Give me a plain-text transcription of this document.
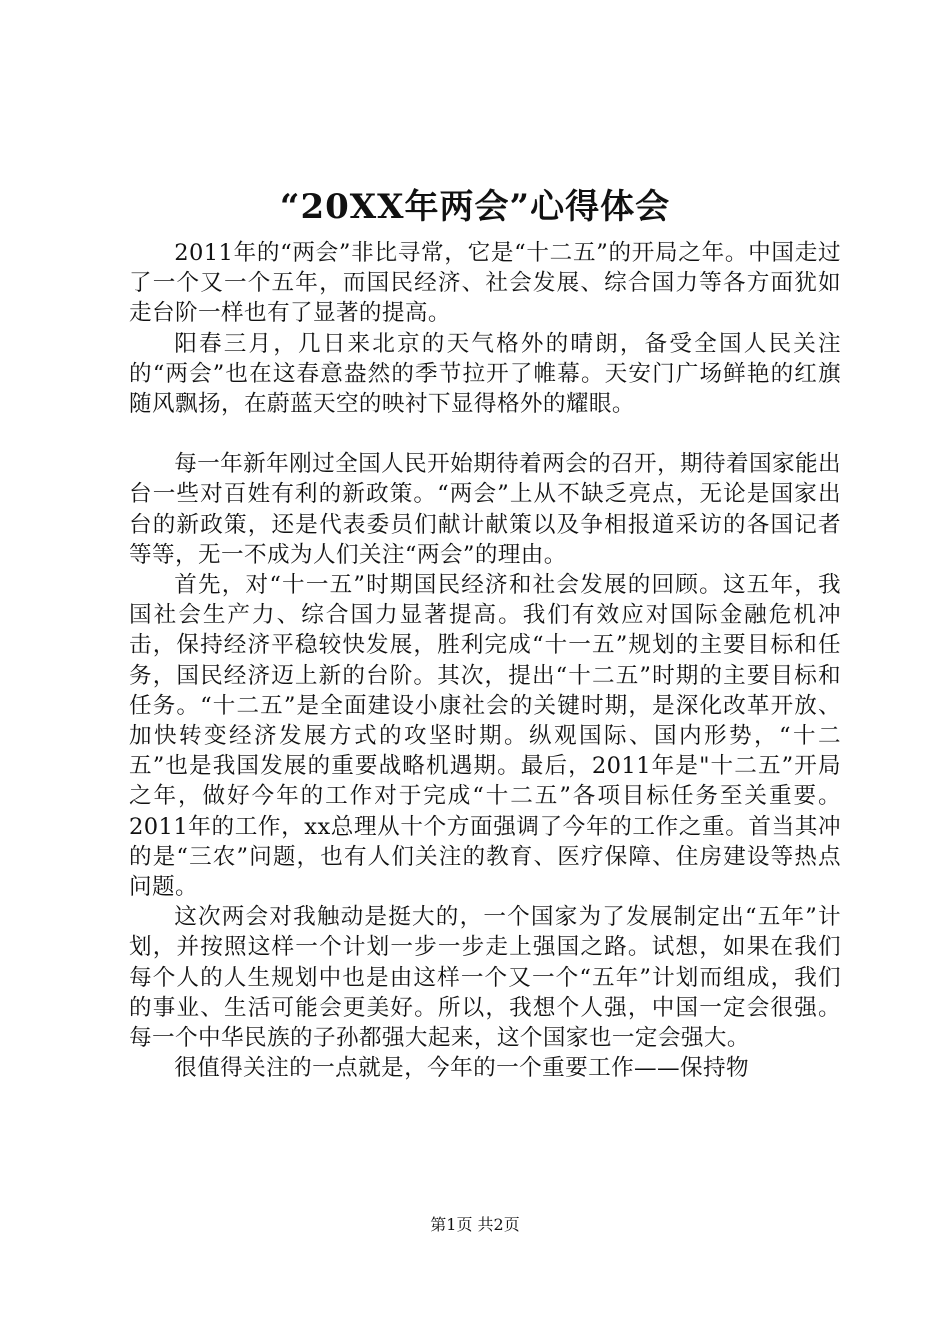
“20XX年两会”心得体会

2011年的“两会”非比寻常，它是“十二五”的开局之年。中国走过了一个又一个五年，而国民经济、社会发展、综合国力等各方面犹如走台阶一样也有了显著的提高。

阳春三月，几日来北京的天气格外的晴朗，备受全国人民关注的“两会”也在这春意盎然的季节拉开了帷幕。天安门广场鲜艳的红旗随风飘扬，在蔚蓝天空的映衬下显得格外的耀眼。

每一年新年刚过全国人民开始期待着两会的召开，期待着国家能出台一些对百姓有利的新政策。“两会”上从不缺乏亮点，无论是国家出台的新政策，还是代表委员们献计献策以及争相报道采访的各国记者等等，无一不成为人们关注“两会”的理由。

首先，对“十一五”时期国民经济和社会发展的回顾。这五年，我国社会生产力、综合国力显著提高。我们有效应对国际金融危机冲击，保持经济平稳较快发展，胜利完成“十一五”规划的主要目标和任务，国民经济迈上新的台阶。其次，提出“十二五”时期的主要目标和任务。“十二五”是全面建设小康社会的关键时期，是深化改革开放、加快转变经济发展方式的攻坚时期。纵观国际、国内形势，“十二五”也是我国发展的重要战略机遇期。最后，2011年是"十二五”开局之年，做好今年的工作对于完成“十二五”各项目标任务至关重要。2011年的工作，xx总理从十个方面强调了今年的工作之重。首当其冲的是“三农”问题，也有人们关注的教育、医疗保障、住房建设等热点问题。

这次两会对我触动是挺大的，一个国家为了发展制定出“五年”计划，并按照这样一个计划一步一步走上强国之路。试想，如果在我们每个人的人生规划中也是由这样一个又一个“五年”计划而组成，我们的事业、生活可能会更美好。所以，我想个人强，中国一定会很强。每一个中华民族的子孙都强大起来，这个国家也一定会强大。

很值得关注的一点就是，今年的一个重要工作——保持物

第1页 共2页
